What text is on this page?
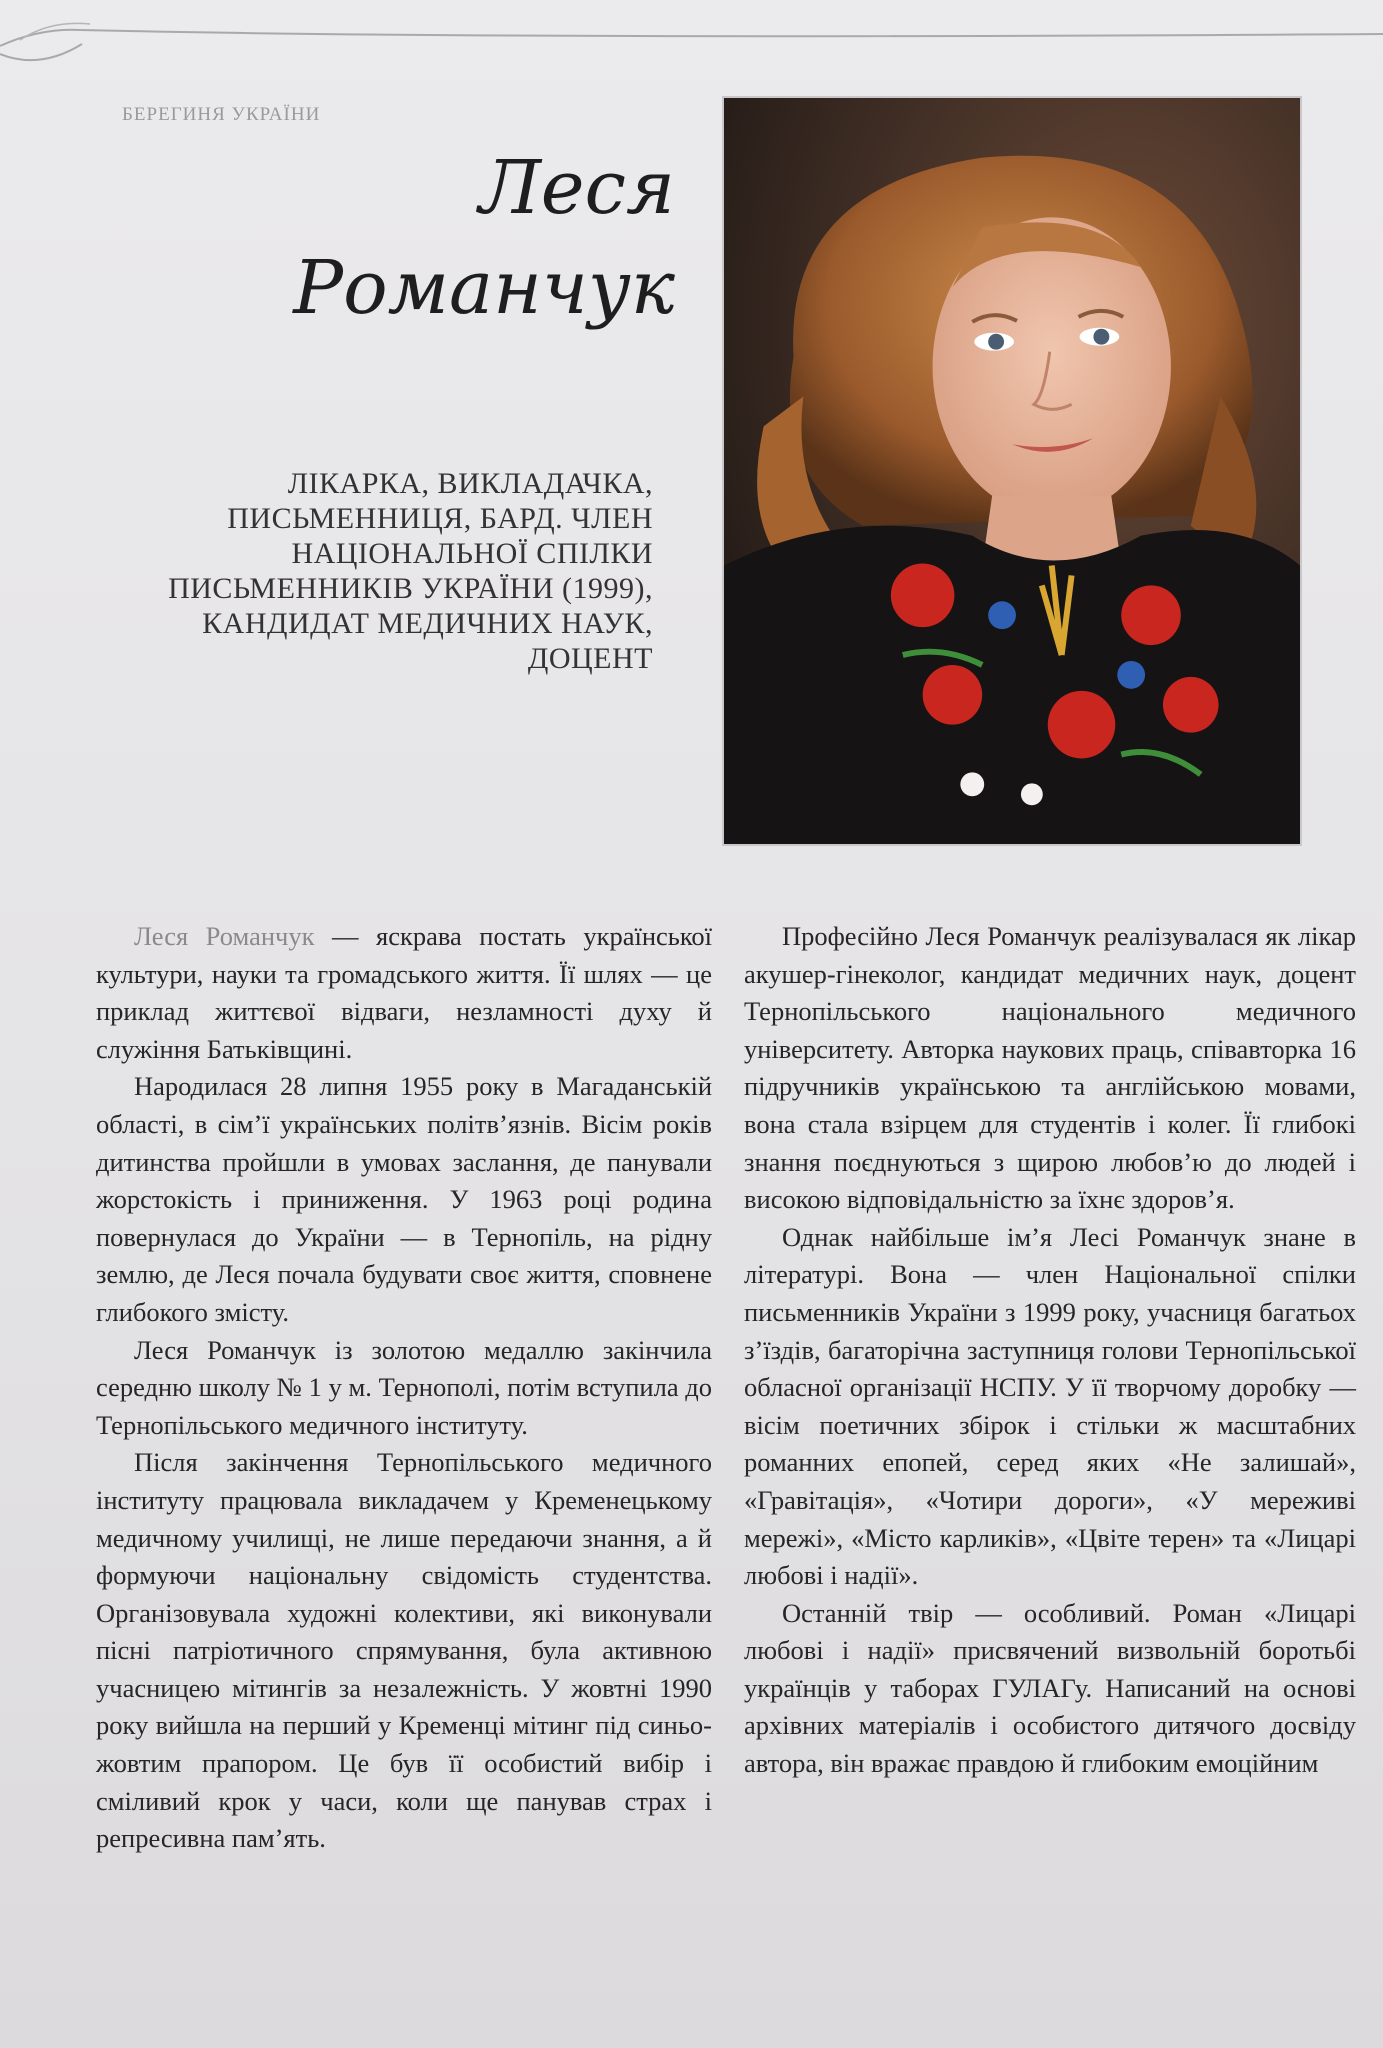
БЕРЕГИНЯ УКРАЇНИ
Леся
Романчук

ЛІКАРКА, ВИКЛАДАЧКА, ПИСЬМЕННИЦЯ, БАРД. ЧЛЕН НАЦІОНАЛЬНОЇ СПІЛКИ ПИСЬМЕННИКІВ УКРАЇНИ (1999), КАНДИДАТ МЕДИЧНИХ НАУК, ДОЦЕНТ

Леся Романчук — яскрава постать української культури, науки та громадського життя. Її шлях — це приклад життєвої відваги, незламності духу й служіння Батьківщині.

Народилася 28 липня 1955 року в Магаданській області, в сім’ї українських політв’язнів. Вісім років дитинства пройшли в умовах заслання, де панували жорстокість і приниження. У 1963 році родина повернулася до України — в Тернопіль, на рідну землю, де Леся почала будувати своє життя, сповнене глибокого змісту.

Леся Романчук із золотою медаллю закінчила середню школу № 1 у м. Тернополі, потім вступила до Тернопільського медичного інституту.

Після закінчення Тернопільського медичного інституту працювала викладачем у Кременецькому медичному училищі, не лише передаючи знання, а й формуючи національну свідомість студентства. Організовувала художні колективи, які виконували пісні патріотичного спрямування, була активною учасницею мітингів за незалежність. У жовтні 1990 року вийшла на перший у Кременці мітинг під синьо-жовтим прапором. Це був її особистий вибір і сміливий крок у часи, коли ще панував страх і репресивна пам’ять.

Професійно Леся Романчук реалізувалася як лікар акушер-гінеколог, кандидат медичних наук, доцент Тернопільського національного медичного університету. Авторка наукових праць, співавторка 16 підручників українською та англійською мовами, вона стала взірцем для студентів і колег. Її глибокі знання поєднуються з щирою любов’ю до людей і високою відповідальністю за їхнє здоров’я.

Однак найбільше ім’я Лесі Романчук знане в літературі. Вона — член Національної спілки письменників України з 1999 року, учасниця багатьох з’їздів, багаторічна заступниця голови Тернопільської обласної організації НСПУ. У її творчому доробку — вісім поетичних збірок і стільки ж масштабних романних епопей, серед яких «Не залишай», «Гравітація», «Чотири дороги», «У мереживі мережі», «Місто карликів», «Цвіте терен» та «Лицарі любові і надії».

Останній твір — особливий. Роман «Лицарі любові і надії» присвячений визвольній боротьбі українців у таборах ГУЛАГу. Написаний на основі архівних матеріалів і особистого дитячого досвіду автора, він вражає правдою й глибоким емоційним
